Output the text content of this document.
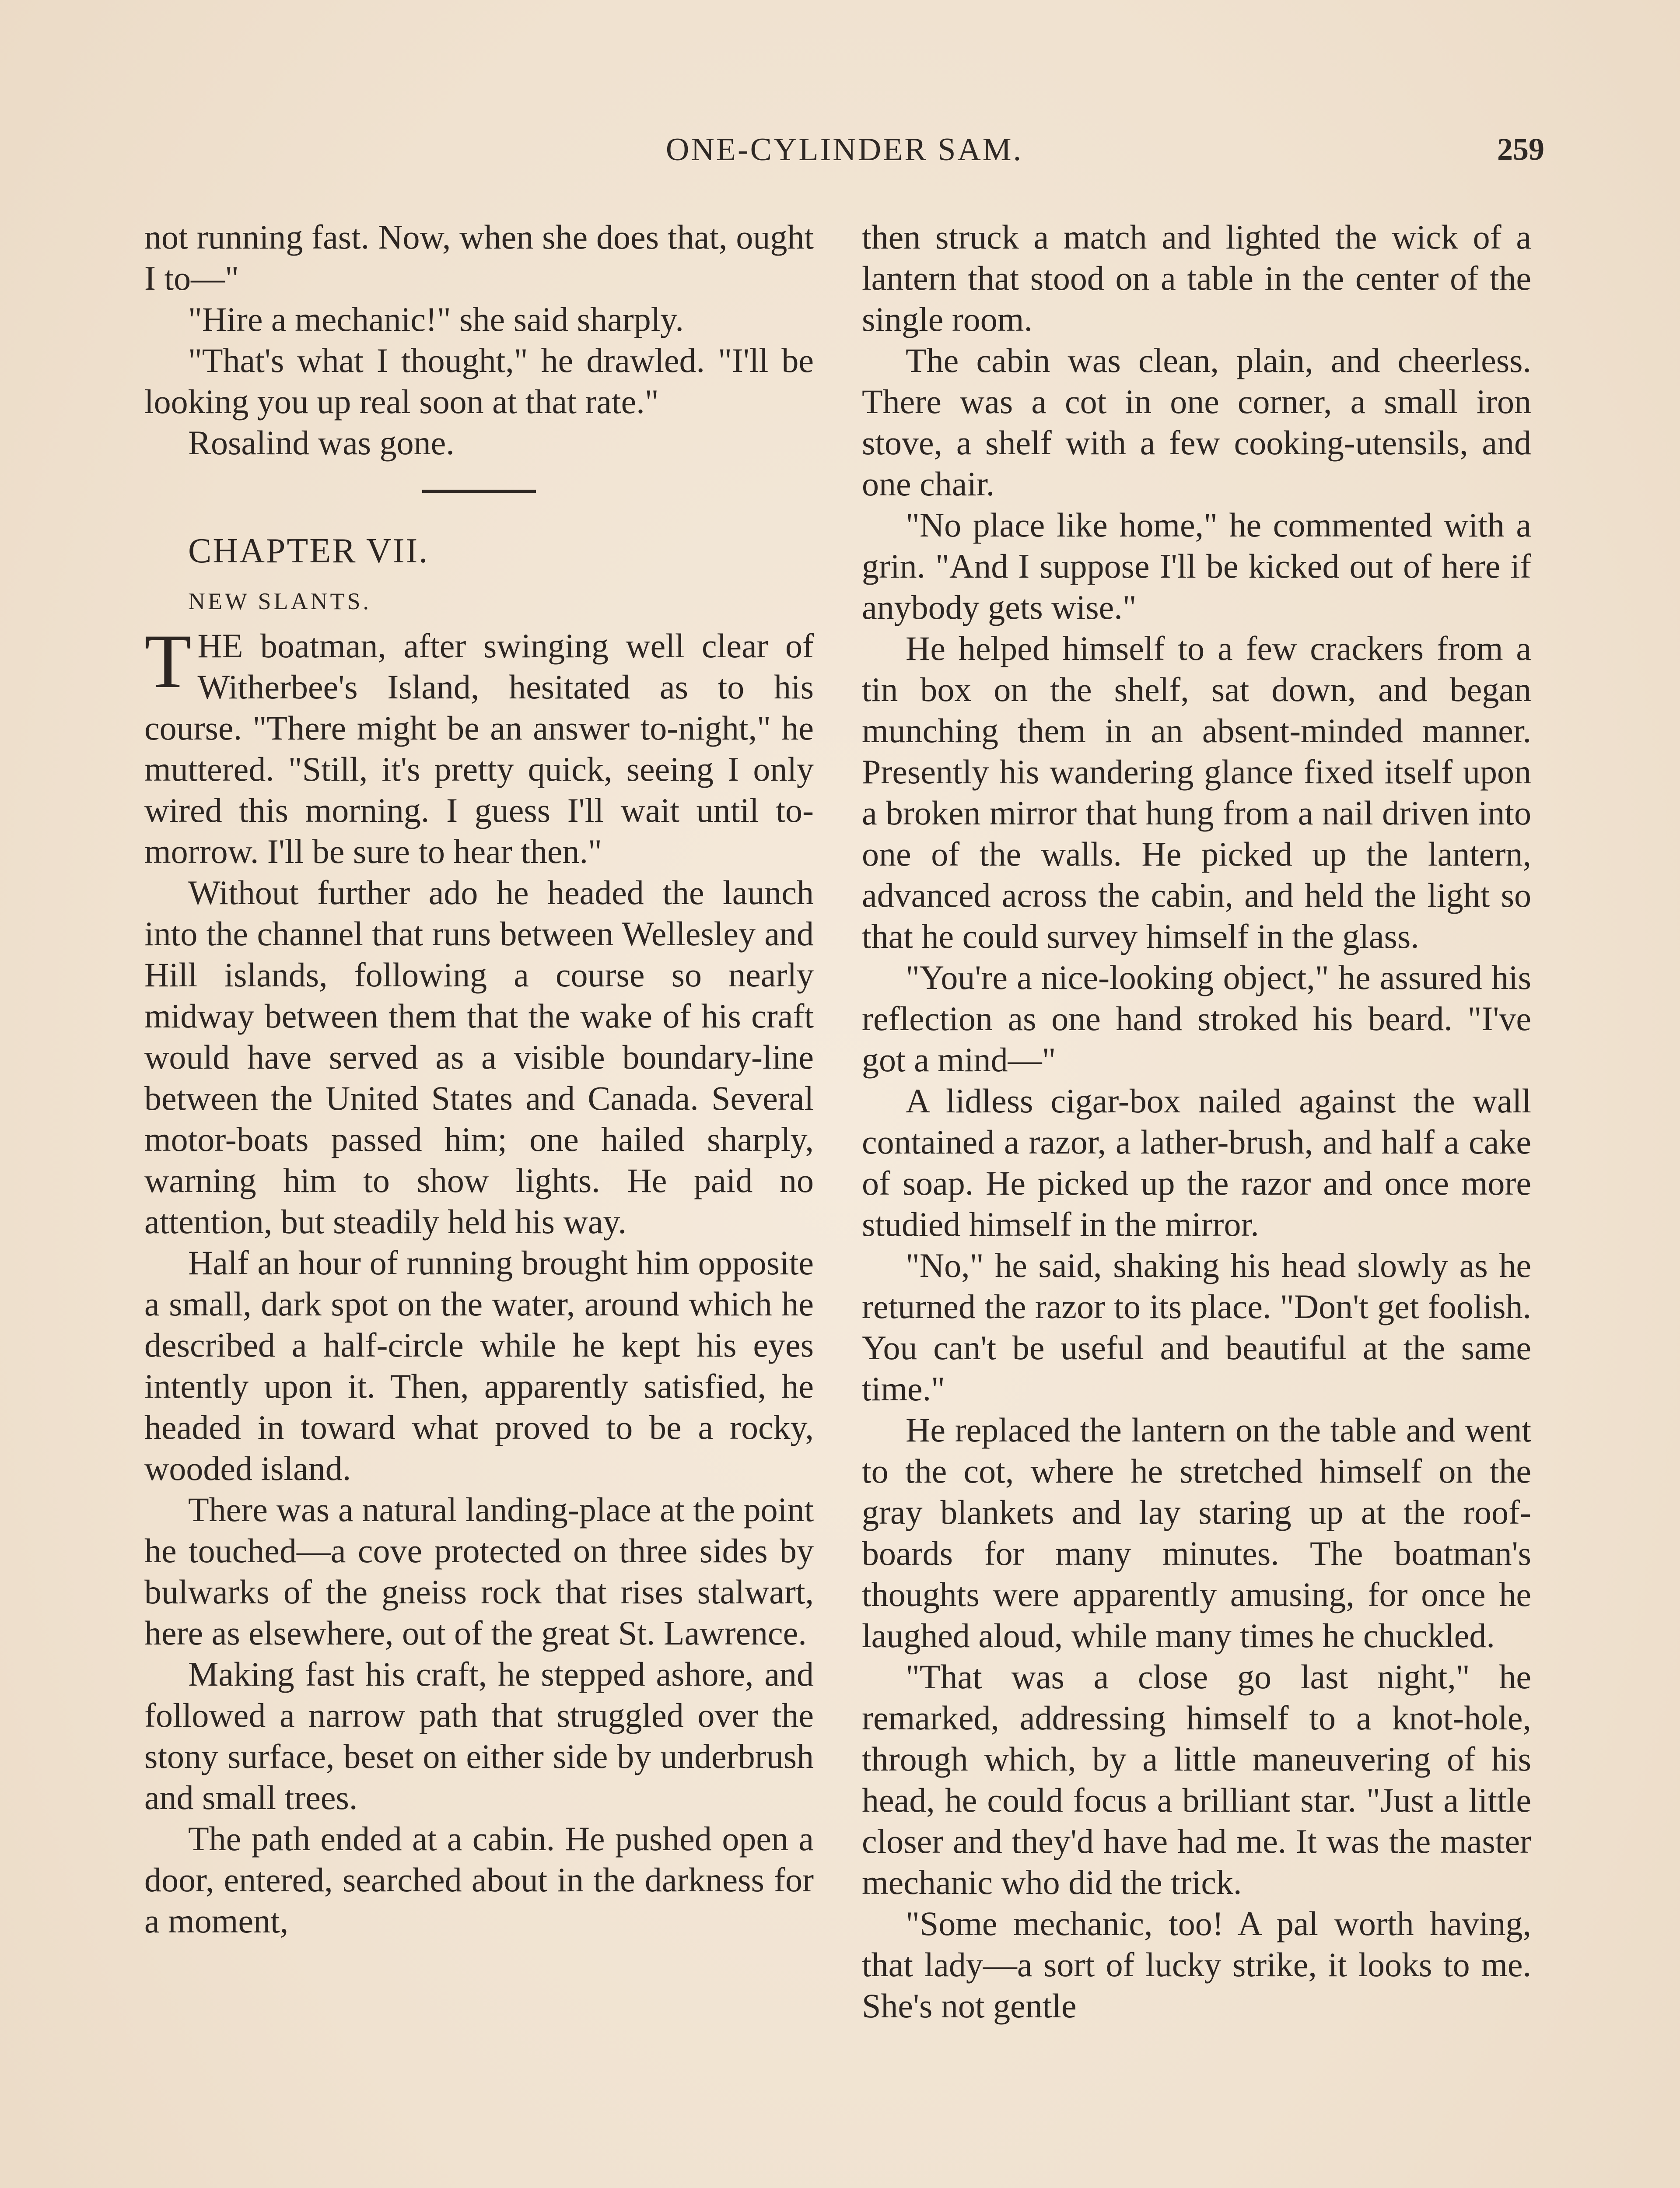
ONE-CYLINDER SAM.	259

not running fast. Now, when she does that, ought I to—"

"Hire a mechanic!" she said sharply.

"That's what I thought," he drawled. "I'll be looking you up real soon at that rate."

Rosalind was gone.

CHAPTER VII.

NEW SLANTS.

THE boatman, after swinging well clear of Witherbee's Island, hesitated as to his course. "There might be an answer to-night," he muttered. "Still, it's pretty quick, seeing I only wired this morning. I guess I'll wait until to-morrow. I'll be sure to hear then."

Without further ado he headed the launch into the channel that runs between Wellesley and Hill islands, following a course so nearly midway between them that the wake of his craft would have served as a visible boundary-line between the United States and Canada. Several motor-boats passed him; one hailed sharply, warning him to show lights. He paid no attention, but steadily held his way.

Half an hour of running brought him opposite a small, dark spot on the water, around which he described a half-circle while he kept his eyes intently upon it. Then, apparently satisfied, he headed in toward what proved to be a rocky, wooded island.

There was a natural landing-place at the point he touched—a cove protected on three sides by bulwarks of the gneiss rock that rises stalwart, here as elsewhere, out of the great St. Lawrence.

Making fast his craft, he stepped ashore, and followed a narrow path that struggled over the stony surface, beset on either side by underbrush and small trees.

The path ended at a cabin. He pushed open a door, entered, searched about in the darkness for a moment,

then struck a match and lighted the wick of a lantern that stood on a table in the center of the single room.

The cabin was clean, plain, and cheerless. There was a cot in one corner, a small iron stove, a shelf with a few cooking-utensils, and one chair.

"No place like home," he commented with a grin. "And I suppose I'll be kicked out of here if anybody gets wise."

He helped himself to a few crackers from a tin box on the shelf, sat down, and began munching them in an absent-minded manner. Presently his wandering glance fixed itself upon a broken mirror that hung from a nail driven into one of the walls. He picked up the lantern, advanced across the cabin, and held the light so that he could survey himself in the glass.

"You're a nice-looking object," he assured his reflection as one hand stroked his beard. "I've got a mind—"

A lidless cigar-box nailed against the wall contained a razor, a lather-brush, and half a cake of soap. He picked up the razor and once more studied himself in the mirror.

"No," he said, shaking his head slowly as he returned the razor to its place. "Don't get foolish. You can't be useful and beautiful at the same time."

He replaced the lantern on the table and went to the cot, where he stretched himself on the gray blankets and lay staring up at the roof-boards for many minutes. The boatman's thoughts were apparently amusing, for once he laughed aloud, while many times he chuckled.

"That was a close go last night," he remarked, addressing himself to a knot-hole, through which, by a little maneuvering of his head, he could focus a brilliant star. "Just a little closer and they'd have had me. It was the master mechanic who did the trick.

"Some mechanic, too! A pal worth having, that lady—a sort of lucky strike, it looks to me. She's not gentle
